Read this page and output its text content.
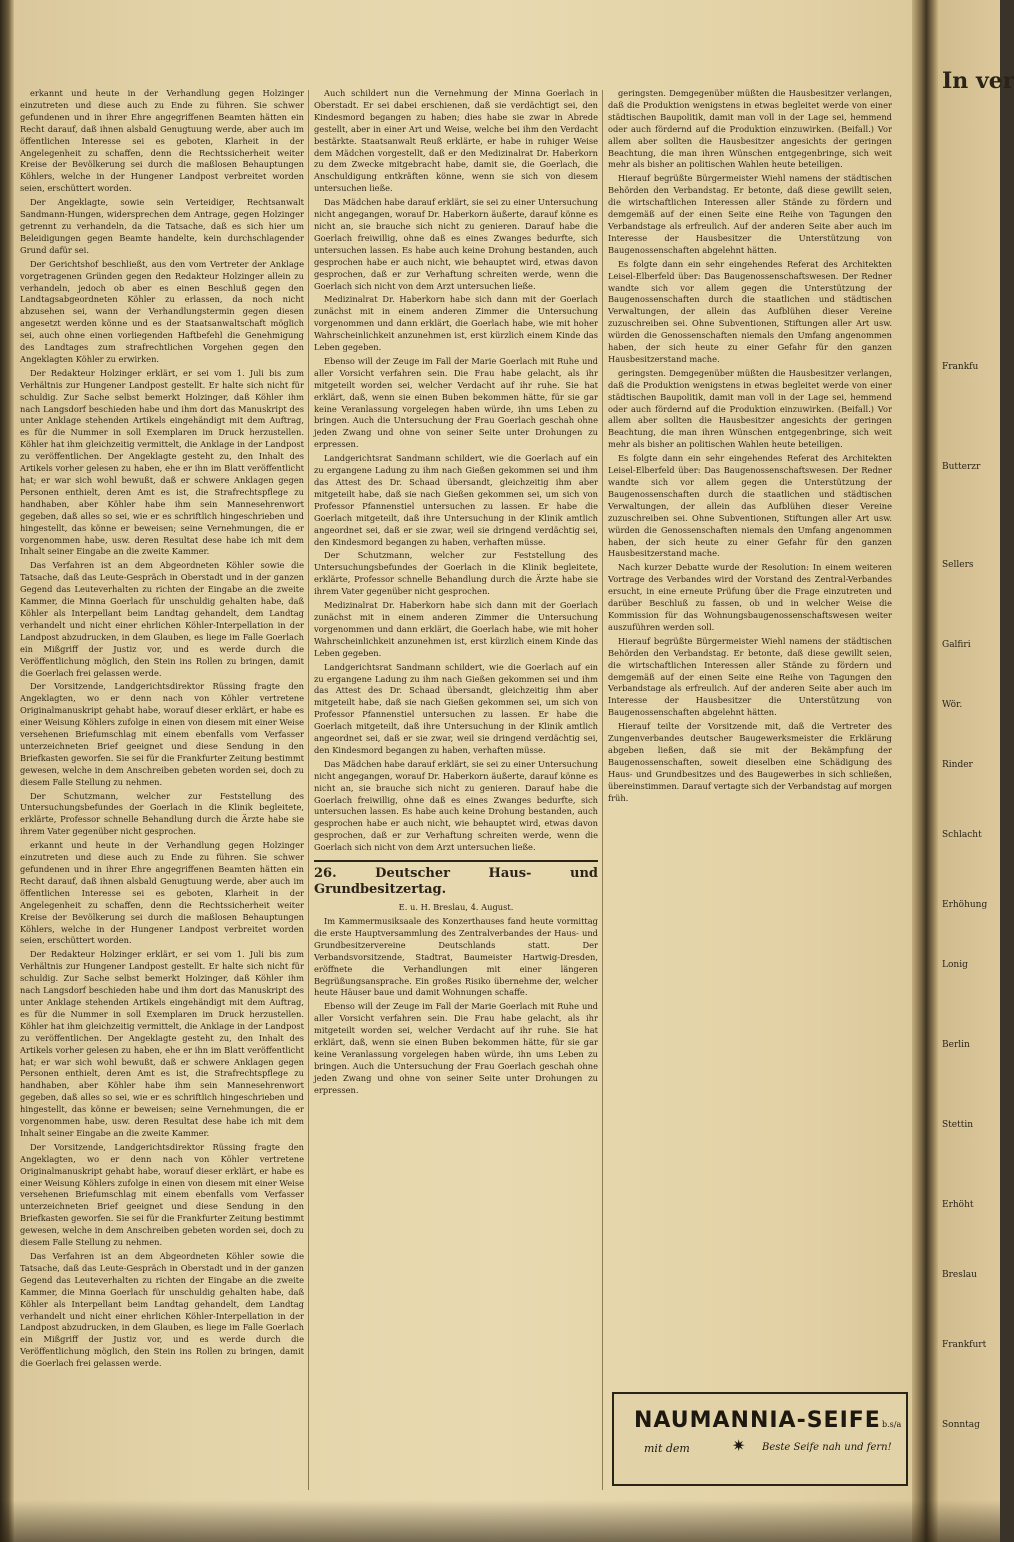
erkannt und heute in der Verhandlung gegen Holzinger einzutreten und diese auch zu Ende zu führen. Sie schwer gefundenen und in ihrer Ehre angegriffenen Beamten hätten ein Recht darauf, daß ihnen alsbald Genugtuung werde, aber auch im öffentlichen Interesse sei es geboten, Klarheit in der Angelegenheit zu schaffen, denn die Rechtssicherheit weiter Kreise der Bevölkerung sei durch die maßlosen Behauptungen Köhlers, welche in der Hungener Landpost verbreitet worden seien, erschüttert worden.

Der Angeklagte, sowie sein Verteidiger, Rechtsanwalt Sandmann-Hungen, widersprechen dem Antrage, gegen Holzinger getrennt zu verhandeln, da die Tatsache, daß es sich hier um Beleidigungen gegen Beamte handelte, kein durchschlagender Grund dafür sei.

Der Gerichtshof beschließt, aus den vom Vertreter der Anklage vorgetragenen Gründen gegen den Redakteur Holzinger allein zu verhandeln, jedoch ob aber es einen Beschluß gegen den Landtagsabgeordneten Köhler zu erlassen, da noch nicht abzusehen sei, wann der Verhandlungstermin gegen diesen angesetzt werden könne und es der Staatsanwaltschaft möglich sei, auch ohne einen vorliegenden Haftbefehl die Genehmigung des Landtages zum strafrechtlichen Vorgehen gegen den Angeklagten Köhler zu erwirken.

Der Redakteur Holzinger erklärt, er sei vom 1. Juli bis zum Verhältnis zur Hungener Landpost gestellt. Er halte sich nicht für schuldig. Zur Sache selbst bemerkt Holzinger, daß Köhler ihm nach Langsdorf beschieden habe und ihm dort das Manuskript des unter Anklage stehenden Artikels eingehändigt mit dem Auftrag, es für die Nummer in soll Exemplaren im Druck herzustellen. Köhler hat ihm gleichzeitig vermittelt, die Anklage in der Landpost zu veröffentlichen. Der Angeklagte gesteht zu, den Inhalt des Artikels vorher gelesen zu haben, ehe er ihn im Blatt veröffentlicht hat; er war sich wohl bewußt, daß er schwere Anklagen gegen Personen enthielt, deren Amt es ist, die Strafrechtspflege zu handhaben, aber Köhler habe ihm sein Mannesehrenwort gegeben, daß alles so sei, wie er es schriftlich hingeschrieben und hingestellt, das könne er beweisen; seine Vernehmungen, die er vorgenommen habe, usw. deren Resultat dese habe ich mit dem Inhalt seiner Eingabe an die zweite Kammer.

Das Verfahren ist an dem Abgeordneten Köhler sowie die Tatsache, daß das Leute-Gespräch in Oberstadt und in der ganzen Gegend das Leuteverhalten zu richten der Eingabe an die zweite Kammer, die Minna Goerlach für unschuldig gehalten habe, daß Köhler als Interpellant beim Landtag gehandelt, dem Landtag verhandelt und nicht einer ehrlichen Köhler-Interpellation in der Landpost abzudrucken, in dem Glauben, es liege im Falle Goerlach ein Mißgriff der Justiz vor, und es werde durch die Veröffentlichung möglich, den Stein ins Rollen zu bringen, damit die Goerlach frei gelassen werde.

Der Vorsitzende, Landgerichtsdirektor Rüssing fragte den Angeklagten, wo er denn nach von Köhler vertretene Originalmanuskript gehabt habe, worauf dieser erklärt, er habe es einer Weisung Köhlers zufolge in einen von diesem mit einer Weise versehenen Briefumschlag mit einem ebenfalls vom Verfasser unterzeichneten Brief geeignet und diese Sendung in den Briefkasten geworfen. Sie sei für die Frankfurter Zeitung bestimmt gewesen, welche in dem Anschreiben gebeten worden sei, doch zu diesem Falle Stellung zu nehmen.

Der Schutzmann, welcher zur Feststellung des Untersuchungsbefundes der Goerlach in die Klinik begleitete, erklärte, Professor schnelle Behandlung durch die Ärzte habe sie ihrem Vater gegenüber nicht gesprochen.

erkannt und heute in der Verhandlung gegen Holzinger einzutreten und diese auch zu Ende zu führen. Sie schwer gefundenen und in ihrer Ehre angegriffenen Beamten hätten ein Recht darauf, daß ihnen alsbald Genugtuung werde, aber auch im öffentlichen Interesse sei es geboten, Klarheit in der Angelegenheit zu schaffen, denn die Rechtssicherheit weiter Kreise der Bevölkerung sei durch die maßlosen Behauptungen Köhlers, welche in der Hungener Landpost verbreitet worden seien, erschüttert worden.

Der Redakteur Holzinger erklärt, er sei vom 1. Juli bis zum Verhältnis zur Hungener Landpost gestellt. Er halte sich nicht für schuldig. Zur Sache selbst bemerkt Holzinger, daß Köhler ihm nach Langsdorf beschieden habe und ihm dort das Manuskript des unter Anklage stehenden Artikels eingehändigt mit dem Auftrag, es für die Nummer in soll Exemplaren im Druck herzustellen. Köhler hat ihm gleichzeitig vermittelt, die Anklage in der Landpost zu veröffentlichen. Der Angeklagte gesteht zu, den Inhalt des Artikels vorher gelesen zu haben, ehe er ihn im Blatt veröffentlicht hat; er war sich wohl bewußt, daß er schwere Anklagen gegen Personen enthielt, deren Amt es ist, die Strafrechtspflege zu handhaben, aber Köhler habe ihm sein Mannesehrenwort gegeben, daß alles so sei, wie er es schriftlich hingeschrieben und hingestellt, das könne er beweisen; seine Vernehmungen, die er vorgenommen habe, usw. deren Resultat dese habe ich mit dem Inhalt seiner Eingabe an die zweite Kammer.

Der Vorsitzende, Landgerichtsdirektor Rüssing fragte den Angeklagten, wo er denn nach von Köhler vertretene Originalmanuskript gehabt habe, worauf dieser erklärt, er habe es einer Weisung Köhlers zufolge in einen von diesem mit einer Weise versehenen Briefumschlag mit einem ebenfalls vom Verfasser unterzeichneten Brief geeignet und diese Sendung in den Briefkasten geworfen. Sie sei für die Frankfurter Zeitung bestimmt gewesen, welche in dem Anschreiben gebeten worden sei, doch zu diesem Falle Stellung zu nehmen.

Das Verfahren ist an dem Abgeordneten Köhler sowie die Tatsache, daß das Leute-Gespräch in Oberstadt und in der ganzen Gegend das Leuteverhalten zu richten der Eingabe an die zweite Kammer, die Minna Goerlach für unschuldig gehalten habe, daß Köhler als Interpellant beim Landtag gehandelt, dem Landtag verhandelt und nicht einer ehrlichen Köhler-Interpellation in der Landpost abzudrucken, in dem Glauben, es liege im Falle Goerlach ein Mißgriff der Justiz vor, und es werde durch die Veröffentlichung möglich, den Stein ins Rollen zu bringen, damit die Goerlach frei gelassen werde.

Auch schildert nun die Vernehmung der Minna Goerlach in Oberstadt. Er sei dabei erschienen, daß sie verdächtigt sei, den Kindesmord begangen zu haben; dies habe sie zwar in Abrede gestellt, aber in einer Art und Weise, welche bei ihm den Verdacht bestärkte. Staatsanwalt Reuß erklärte, er habe in ruhiger Weise dem Mädchen vorgestellt, daß er den Medizinalrat Dr. Haberkorn zu dem Zwecke mitgebracht habe, damit sie, die Goerlach, die Anschuldigung entkräften könne, wenn sie sich von diesem untersuchen ließe.

Das Mädchen habe darauf erklärt, sie sei zu einer Untersuchung nicht angegangen, worauf Dr. Haberkorn äußerte, darauf könne es nicht an, sie brauche sich nicht zu genieren. Darauf habe die Goerlach freiwillig, ohne daß es eines Zwanges bedurfte, sich untersuchen lassen. Es habe auch keine Drohung bestanden, auch gesprochen habe er auch nicht, wie behauptet wird, etwas davon gesprochen, daß er zur Verhaftung schreiten werde, wenn die Goerlach sich nicht von dem Arzt untersuchen ließe.

Medizinalrat Dr. Haberkorn habe sich dann mit der Goerlach zunächst mit in einem anderen Zimmer die Untersuchung vorgenommen und dann erklärt, die Goerlach habe, wie mit hoher Wahrscheinlichkeit anzunehmen ist, erst kürzlich einem Kinde das Leben gegeben.

Ebenso will der Zeuge im Fall der Marie Goerlach mit Ruhe und aller Vorsicht verfahren sein. Die Frau habe gelacht, als ihr mitgeteilt worden sei, welcher Verdacht auf ihr ruhe. Sie hat erklärt, daß, wenn sie einen Buben bekommen hätte, für sie gar keine Veranlassung vorgelegen haben würde, ihn ums Leben zu bringen. Auch die Untersuchung der Frau Goerlach geschah ohne jeden Zwang und ohne von seiner Seite unter Drohungen zu erpressen.

Landgerichtsrat Sandmann schildert, wie die Goerlach auf ein zu ergangene Ladung zu ihm nach Gießen gekommen sei und ihm das Attest des Dr. Schaad übersandt, gleichzeitig ihm aber mitgeteilt habe, daß sie nach Gießen gekommen sei, um sich von Professor Pfannenstiel untersuchen zu lassen. Er habe die Goerlach mitgeteilt, daß ihre Untersuchung in der Klinik amtlich angeordnet sei, daß er sie zwar, weil sie dringend verdächtig sei, den Kindesmord begangen zu haben, verhaften müsse.

Der Schutzmann, welcher zur Feststellung des Untersuchungsbefundes der Goerlach in die Klinik begleitete, erklärte, Professor schnelle Behandlung durch die Ärzte habe sie ihrem Vater gegenüber nicht gesprochen.

Medizinalrat Dr. Haberkorn habe sich dann mit der Goerlach zunächst mit in einem anderen Zimmer die Untersuchung vorgenommen und dann erklärt, die Goerlach habe, wie mit hoher Wahrscheinlichkeit anzunehmen ist, erst kürzlich einem Kinde das Leben gegeben.

Landgerichtsrat Sandmann schildert, wie die Goerlach auf ein zu ergangene Ladung zu ihm nach Gießen gekommen sei und ihm das Attest des Dr. Schaad übersandt, gleichzeitig ihm aber mitgeteilt habe, daß sie nach Gießen gekommen sei, um sich von Professor Pfannenstiel untersuchen zu lassen. Er habe die Goerlach mitgeteilt, daß ihre Untersuchung in der Klinik amtlich angeordnet sei, daß er sie zwar, weil sie dringend verdächtig sei, den Kindesmord begangen zu haben, verhaften müsse.

Das Mädchen habe darauf erklärt, sie sei zu einer Untersuchung nicht angegangen, worauf Dr. Haberkorn äußerte, darauf könne es nicht an, sie brauche sich nicht zu genieren. Darauf habe die Goerlach freiwillig, ohne daß es eines Zwanges bedurfte, sich untersuchen lassen. Es habe auch keine Drohung bestanden, auch gesprochen habe er auch nicht, wie behauptet wird, etwas davon gesprochen, daß er zur Verhaftung schreiten werde, wenn die Goerlach sich nicht von dem Arzt untersuchen ließe.

26. Deutscher Haus- und Grundbesitzertag.

E. u. H. Breslau, 4. August.

Im Kammermusiksaale des Konzerthauses fand heute vormittag die erste Hauptversammlung des Zentralverbandes der Haus- und Grundbesitzervereine Deutschlands statt. Der Verbandsvorsitzende, Stadtrat, Baumeister Hartwig-Dresden, eröffnete die Verhandlungen mit einer längeren Begrüßungsansprache. Ein großes Risiko übernehme der, welcher heute Häuser baue und damit Wohnungen schaffe.

Ebenso will der Zeuge im Fall der Marie Goerlach mit Ruhe und aller Vorsicht verfahren sein. Die Frau habe gelacht, als ihr mitgeteilt worden sei, welcher Verdacht auf ihr ruhe. Sie hat erklärt, daß, wenn sie einen Buben bekommen hätte, für sie gar keine Veranlassung vorgelegen haben würde, ihn ums Leben zu bringen. Auch die Untersuchung der Frau Goerlach geschah ohne jeden Zwang und ohne von seiner Seite unter Drohungen zu erpressen.

geringsten. Demgegenüber müßten die Hausbesitzer verlangen, daß die Produktion wenigstens in etwas begleitet werde von einer städtischen Baupolitik, damit man voll in der Lage sei, hemmend oder auch fördernd auf die Produktion einzuwirken. (Beifall.) Vor allem aber sollten die Hausbesitzer angesichts der geringen Beachtung, die man ihren Wünschen entgegenbringe, sich weit mehr als bisher an politischen Wahlen heute beteiligen.

Hierauf begrüßte Bürgermeister Wiehl namens der städtischen Behörden den Verbandstag. Er betonte, daß diese gewillt seien, die wirtschaftlichen Interessen aller Stände zu fördern und demgemäß auf der einen Seite eine Reihe von Tagungen den Verbandstage als erfreulich. Auf der anderen Seite aber auch im Interesse der Hausbesitzer die Unterstützung von Baugenossenschaften abgelehnt hätten.

Es folgte dann ein sehr eingehendes Referat des Architekten Leisel-Elberfeld über: Das Baugenossenschaftswesen. Der Redner wandte sich vor allem gegen die Unterstützung der Baugenossenschaften durch die staatlichen und städtischen Verwaltungen, der allein das Aufblühen dieser Vereine zuzuschreiben sei. Ohne Subventionen, Stiftungen aller Art usw. würden die Genossenschaften niemals den Umfang angenommen haben, der sich heute zu einer Gefahr für den ganzen Hausbesitzerstand mache.

geringsten. Demgegenüber müßten die Hausbesitzer verlangen, daß die Produktion wenigstens in etwas begleitet werde von einer städtischen Baupolitik, damit man voll in der Lage sei, hemmend oder auch fördernd auf die Produktion einzuwirken. (Beifall.) Vor allem aber sollten die Hausbesitzer angesichts der geringen Beachtung, die man ihren Wünschen entgegenbringe, sich weit mehr als bisher an politischen Wahlen heute beteiligen.

Es folgte dann ein sehr eingehendes Referat des Architekten Leisel-Elberfeld über: Das Baugenossenschaftswesen. Der Redner wandte sich vor allem gegen die Unterstützung der Baugenossenschaften durch die staatlichen und städtischen Verwaltungen, der allein das Aufblühen dieser Vereine zuzuschreiben sei. Ohne Subventionen, Stiftungen aller Art usw. würden die Genossenschaften niemals den Umfang angenommen haben, der sich heute zu einer Gefahr für den ganzen Hausbesitzerstand mache.

Nach kurzer Debatte wurde der Resolution: In einem weiteren Vortrage des Verbandes wird der Vorstand des Zentral-Verbandes ersucht, in eine erneute Prüfung über die Frage einzutreten und darüber Beschluß zu fassen, ob und in welcher Weise die Kommission für das Wohnungsbaugenossenschaftswesen weiter auszuführen werden soll.

Hierauf begrüßte Bürgermeister Wiehl namens der städtischen Behörden den Verbandstag. Er betonte, daß diese gewillt seien, die wirtschaftlichen Interessen aller Stände zu fördern und demgemäß auf der einen Seite eine Reihe von Tagungen den Verbandstage als erfreulich. Auf der anderen Seite aber auch im Interesse der Hausbesitzer die Unterstützung von Baugenossenschaften abgelehnt hätten.

Hierauf teilte der Vorsitzende mit, daß die Vertreter des Zungenverbandes deutscher Baugewerksmeister die Erklärung abgeben ließen, daß sie mit der Bekämpfung der Baugenossenschaften, soweit dieselben eine Schädigung des Haus- und Grundbesitzes und des Baugewerbes in sich schließen, übereinstimmen. Darauf vertagte sich der Verbandstag auf morgen früh.

NAUMANNIA-SEIFE
mit dem	✷ Beste Seife nah und fern!
b.s/a
In ver
Frankfu
Butterzr
Sellers
Galfiri
Wör.
Rinder
Schlacht
Erhöhung
Lonig
Berlin
Stettin
Erhöht
Breslau
Frankfurt
Sonntag
